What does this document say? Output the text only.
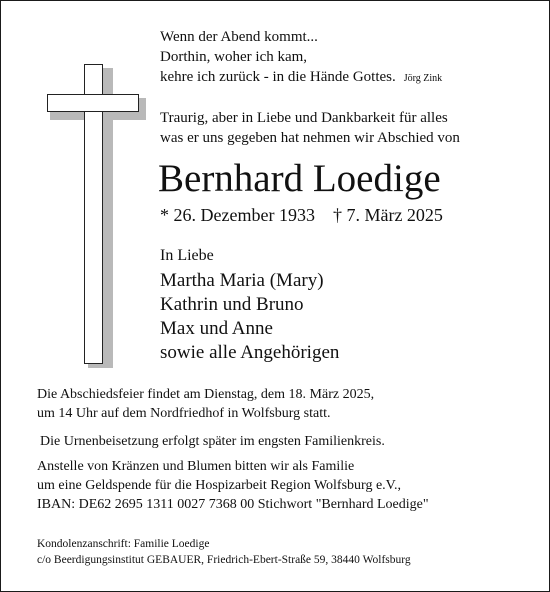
Wenn der Abend kommt...
Dorthin, woher ich kam,
kehre ich zurück - in die Hände Gottes. Jörg Zink
Traurig, aber in Liebe und Dankbarkeit für alles
was er uns gegeben hat nehmen wir Abschied von
Bernhard Loedige
* 26. Dezember 1933 † 7. März 2025
In Liebe
Martha Maria (Mary)
Kathrin und Bruno
Max und Anne
sowie alle Angehörigen
Die Abschiedsfeier findet am Dienstag, dem 18. März 2025,
um 14 Uhr auf dem Nordfriedhof in Wolfsburg statt.
Die Urnenbeisetzung erfolgt später im engsten Familienkreis.
Anstelle von Kränzen und Blumen bitten wir als Familie
um eine Geldspende für die Hospizarbeit Region Wolfsburg e.V.,
IBAN: DE62 2695 1311 0027 7368 00 Stichwort "Bernhard Loedige"
Kondolenzanschrift: Familie Loedige
c/o Beerdigungsinstitut GEBAUER, Friedrich-Ebert-Straße 59, 38440 Wolfsburg
